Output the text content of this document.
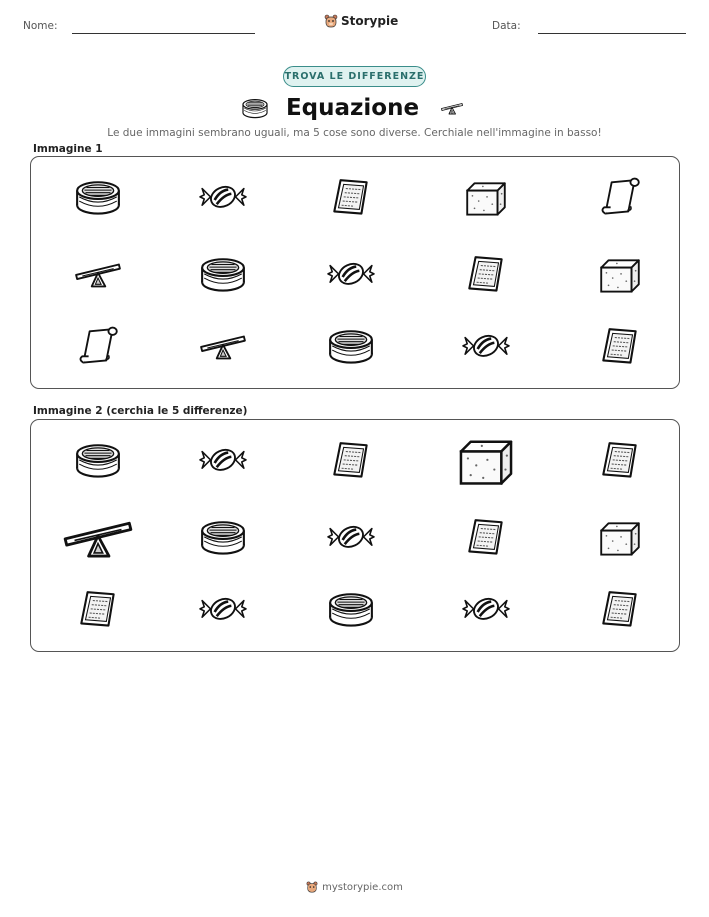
Nome:	Storypie	Data:
TROVA LE DIFFERENZE
Equazione
Le due immagini sembrano uguali, ma 5 cose sono diverse. Cerchiale nell'immagine in basso!
Immagine 1
Immagine 2 (cerchia le 5 differenze)
mystorypie.com
